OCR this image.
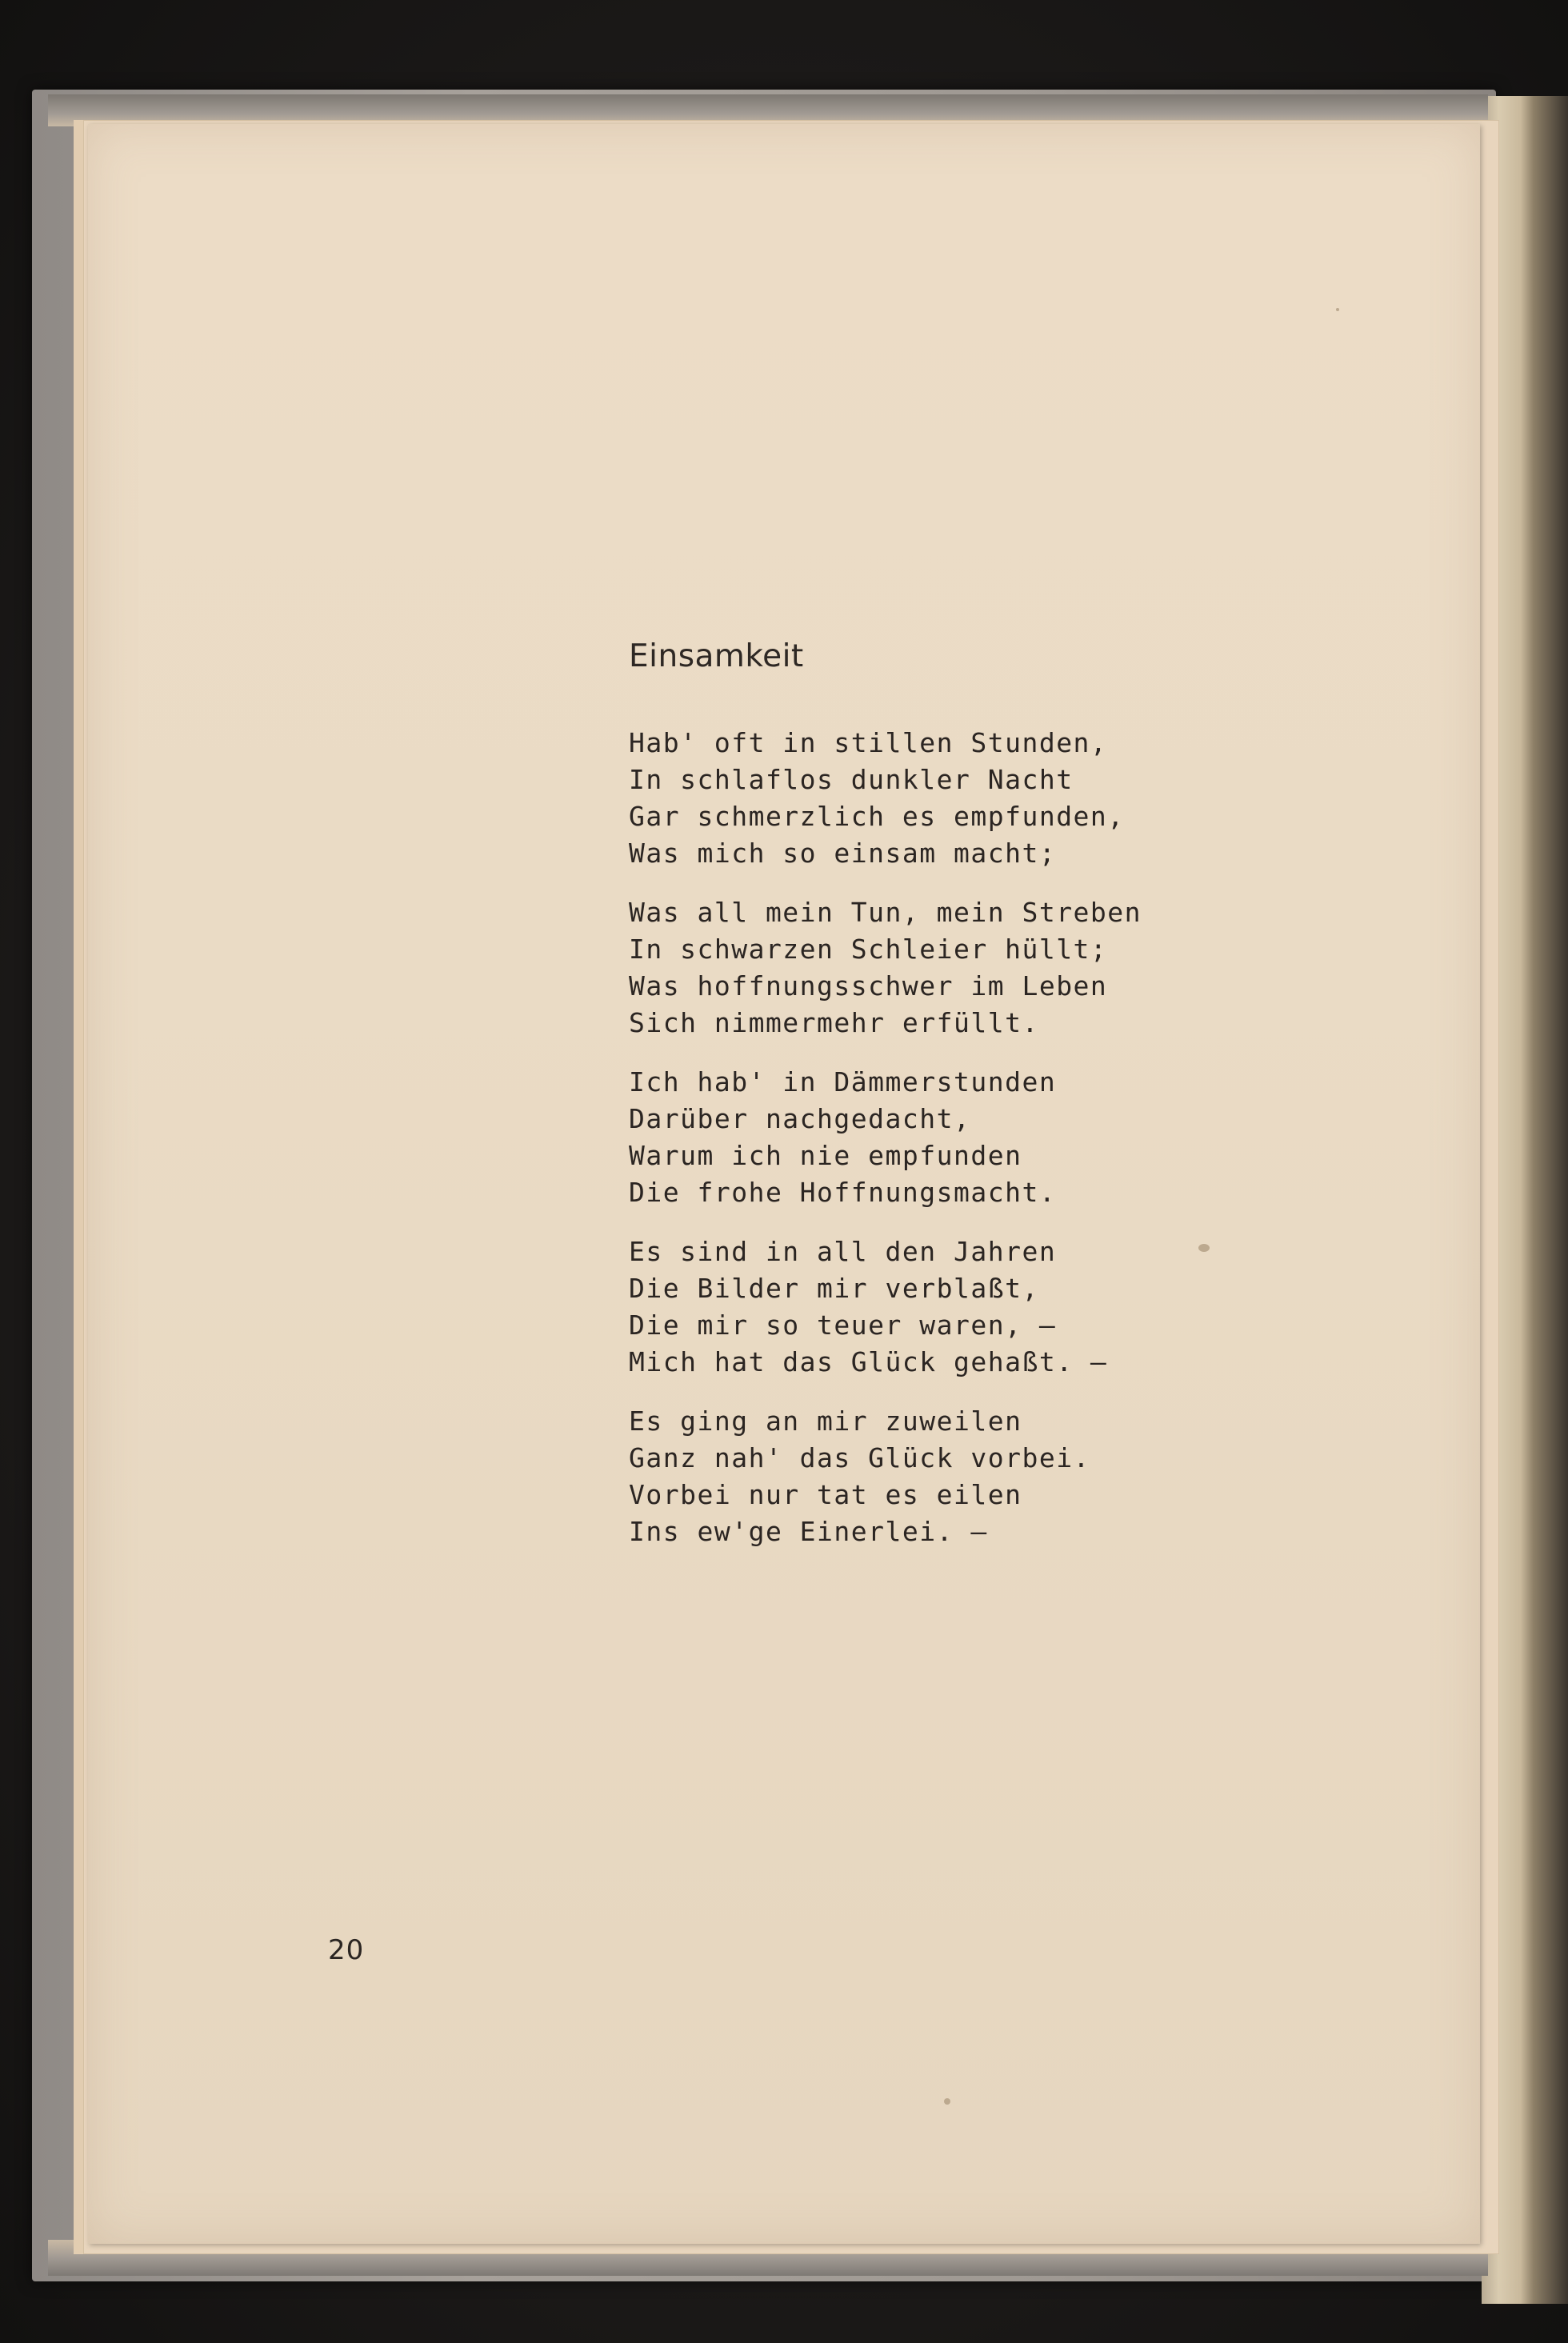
Einsamkeit
Hab' oft in stillen Stunden,
In schlaflos dunkler Nacht
Gar schmerzlich es empfunden,
Was mich so einsam macht;
Was all mein Tun, mein Streben
In schwarzen Schleier hüllt;
Was hoffnungsschwer im Leben
Sich nimmermehr erfüllt.
Ich hab' in Dämmerstunden
Darüber nachgedacht,
Warum ich nie empfunden
Die frohe Hoffnungsmacht.
Es sind in all den Jahren
Die Bilder mir verblaßt,
Die mir so teuer waren, —
Mich hat das Glück gehaßt. —
Es ging an mir zuweilen
Ganz nah' das Glück vorbei.
Vorbei nur tat es eilen
Ins ew'ge Einerlei. —
20
